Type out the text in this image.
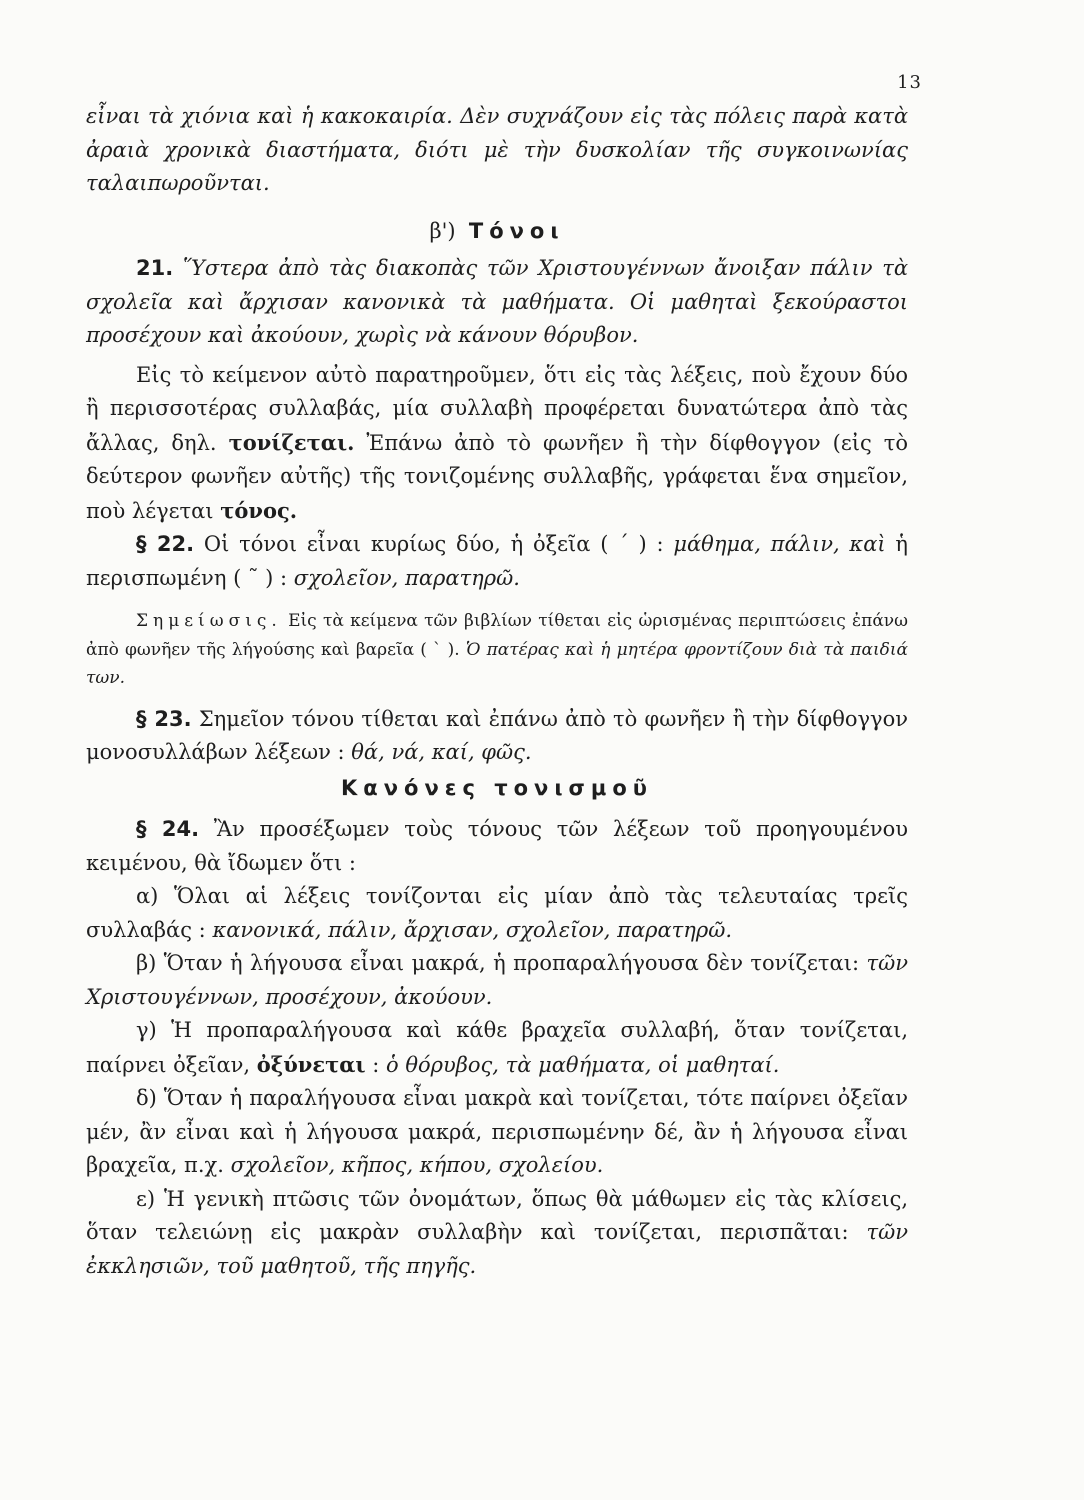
13

εἶναι τὰ χιόνια καὶ ἡ κακοκαιρία. Δὲν συχνάζουν εἰς τὰς πόλεις παρὰ κατὰ ἀραιὰ χρονικὰ διαστήματα, διότι μὲ τὴν δυσκολίαν τῆς συγκοινωνίας ταλαιπωροῦνται.

β') Τόνοι

21. Ὕστερα ἀπὸ τὰς διακοπὰς τῶν Χριστουγέννων ἄνοιξαν πάλιν τὰ σχολεῖα καὶ ἄρχισαν κανονικὰ τὰ μαθήματα. Οἱ μαθηταὶ ξεκούραστοι προσέχουν καὶ ἀκούουν, χωρὶς νὰ κάνουν θόρυβον.

Εἰς τὸ κείμενον αὐτὸ παρατηροῦμεν, ὅτι εἰς τὰς λέξεις, ποὺ ἔχουν δύο ἢ περισσοτέρας συλλαβάς, μία συλλαβὴ προφέρεται δυνατώτερα ἀπὸ τὰς ἄλλας, δηλ. τονίζεται. Ἐπάνω ἀπὸ τὸ φωνῆεν ἢ τὴν δίφθογγον (εἰς τὸ δεύτερον φωνῆεν αὐτῆς) τῆς τονιζομένης συλλαβῆς, γράφεται ἕνα σημεῖον, ποὺ λέγεται τόνος.

§ 22. Οἱ τόνοι εἶναι κυρίως δύο, ἡ ὀξεῖα ( ΄ ) : μάθημα, πάλιν, καὶ ἡ περισπωμένη ( ῀ ) : σχολεῖον, παρατηρῶ.

Σημείωσις. Εἰς τὰ κείμενα τῶν βιβλίων τίθεται εἰς ὡρισμένας περιπτώσεις ἐπάνω ἀπὸ φωνῆεν τῆς λήγούσης καὶ βαρεῖα ( ` ). Ὁ πατέρας καὶ ἡ μητέρα φροντίζουν διὰ τὰ παιδιά των.

§ 23. Σημεῖον τόνου τίθεται καὶ ἐπάνω ἀπὸ τὸ φωνῆεν ἢ τὴν δίφθογγον μονοσυλλάβων λέξεων : θά, νά, καί, φῶς.

Κανόνες τονισμοῦ

§ 24. Ἂν προσέξωμεν τοὺς τόνους τῶν λέξεων τοῦ προηγουμένου κειμένου, θὰ ἴδωμεν ὅτι :

α) Ὅλαι αἱ λέξεις τονίζονται εἰς μίαν ἀπὸ τὰς τελευταίας τρεῖς συλλαβάς : κανονικά, πάλιν, ἄρχισαν, σχολεῖον, παρατηρῶ.

β) Ὅταν ἡ λήγουσα εἶναι μακρά, ἡ προπαραλήγουσα δὲν τονίζεται: τῶν Χριστουγέννων, προσέχουν, ἀκούουν.

γ) Ἡ προπαραλήγουσα καὶ κάθε βραχεῖα συλλαβή, ὅταν τονίζεται, παίρνει ὀξεῖαν, ὀξύνεται : ὁ θόρυβος, τὰ μαθήματα, οἱ μαθηταί.

δ) Ὅταν ἡ παραλήγουσα εἶναι μακρὰ καὶ τονίζεται, τότε παίρνει ὀξεῖαν μέν, ἂν εἶναι καὶ ἡ λήγουσα μακρά, περισπωμένην δέ, ἂν ἡ λήγουσα εἶναι βραχεῖα, π.χ. σχολεῖον, κῆπος, κήπου, σχολείου.

ε) Ἡ γενικὴ πτῶσις τῶν ὀνομάτων, ὅπως θὰ μάθωμεν εἰς τὰς κλίσεις, ὅταν τελειώνῃ εἰς μακρὰν συλλαβὴν καὶ τονίζεται, περισπᾶται: τῶν ἐκκλησιῶν, τοῦ μαθητοῦ, τῆς πηγῆς.
